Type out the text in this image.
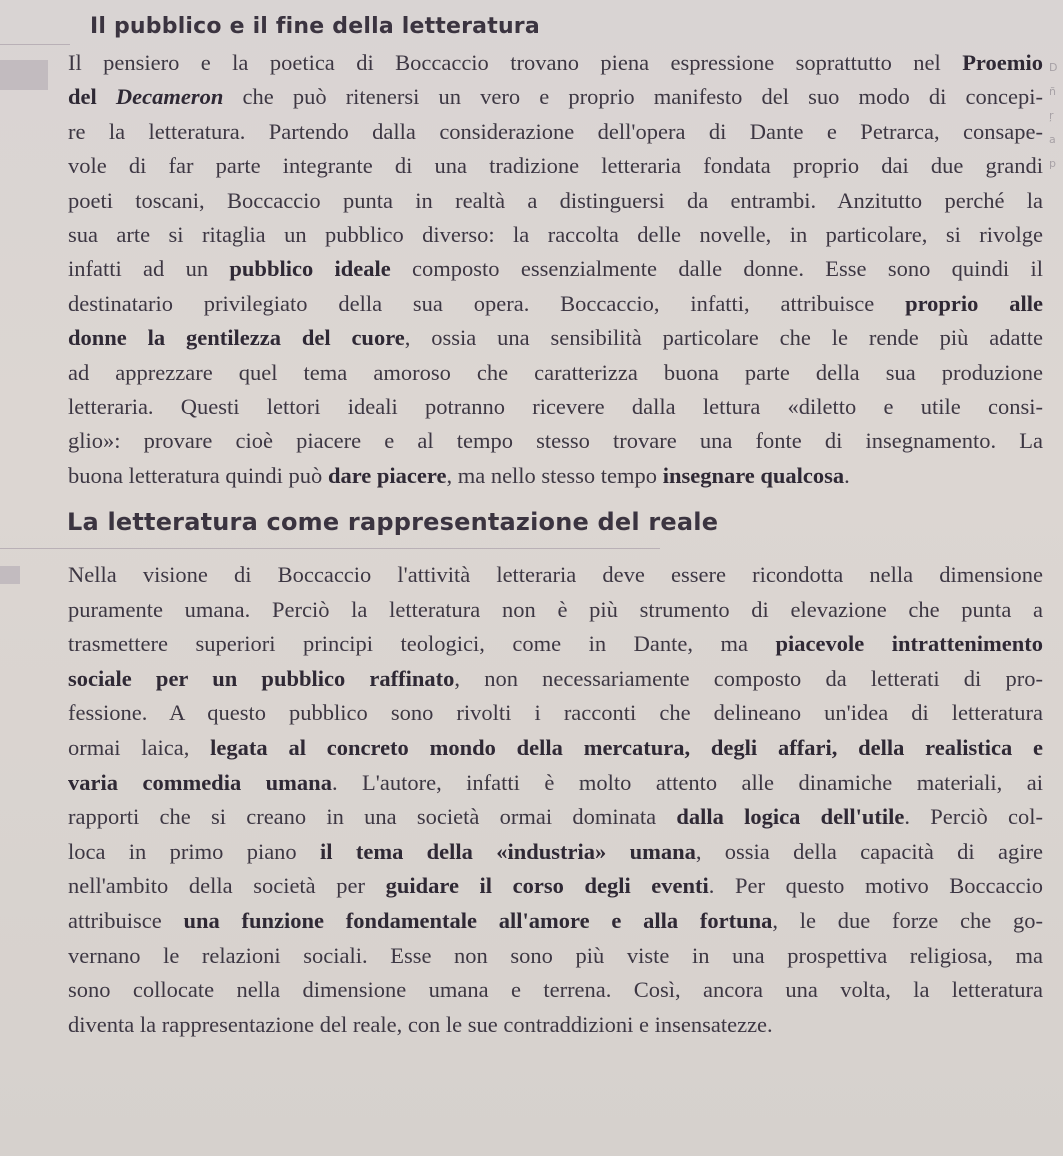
Il pubblico e il fine della letteratura
Il pensiero e la poetica di Boccaccio trovano piena espressione soprattutto nel Proemio
del Decameron che può ritenersi un vero e proprio manifesto del suo modo di concepi-
re la letteratura. Partendo dalla considerazione dell'opera di Dante e Petrarca, consape-
vole di far parte integrante di una tradizione letteraria fondata proprio dai due grandi
poeti toscani, Boccaccio punta in realtà a distinguersi da entrambi. Anzitutto perché la
sua arte si ritaglia un pubblico diverso: la raccolta delle novelle, in particolare, si rivolge
infatti ad un pubblico ideale composto essenzialmente dalle donne. Esse sono quindi il
destinatario privilegiato della sua opera. Boccaccio, infatti, attribuisce proprio alle
donne la gentilezza del cuore, ossia una sensibilità particolare che le rende più adatte
ad apprezzare quel tema amoroso che caratterizza buona parte della sua produzione
letteraria. Questi lettori ideali potranno ricevere dalla lettura «diletto e utile consi-
glio»: provare cioè piacere e al tempo stesso trovare una fonte di insegnamento. La
buona letteratura quindi può dare piacere, ma nello stesso tempo insegnare qualcosa.
La letteratura come rappresentazione del reale
Nella visione di Boccaccio l'attività letteraria deve essere ricondotta nella dimensione
puramente umana. Perciò la letteratura non è più strumento di elevazione che punta a
trasmettere superiori principi teologici, come in Dante, ma piacevole intrattenimento
sociale per un pubblico raffinato, non necessariamente composto da letterati di pro-
fessione. A questo pubblico sono rivolti i racconti che delineano un'idea di letteratura
ormai laica, legata al concreto mondo della mercatura, degli affari, della realistica e
varia commedia umana. L'autore, infatti è molto attento alle dinamiche materiali, ai
rapporti che si creano in una società ormai dominata dalla logica dell'utile. Perciò col-
loca in primo piano il tema della «industria» umana, ossia della capacità di agire
nell'ambito della società per guidare il corso degli eventi. Per questo motivo Boccaccio
attribuisce una funzione fondamentale all'amore e alla fortuna, le due forze che go-
vernano le relazioni sociali. Esse non sono più viste in una prospettiva religiosa, ma
sono collocate nella dimensione umana e terrena. Così, ancora una volta, la letteratura
diventa la rappresentazione del reale, con le sue contraddizioni e insensatezze.
D
ñ
ŗ
a
p
